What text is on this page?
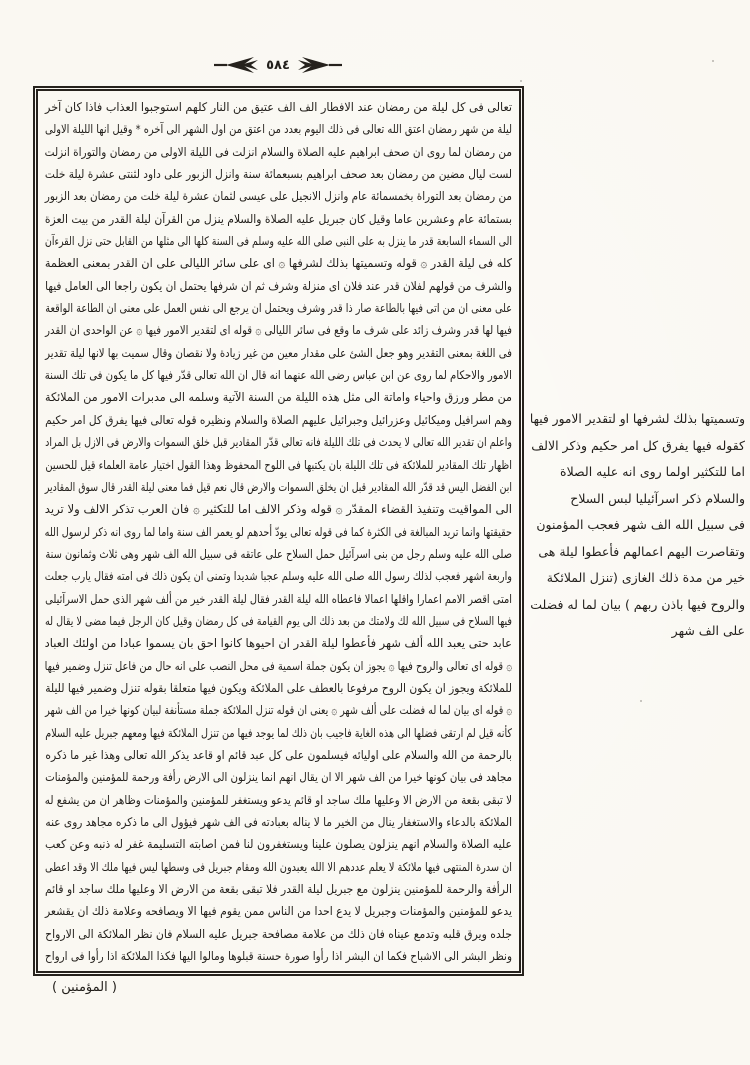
٥٨٤
تعالى فى كل ليلة من رمضان عند الافطار الف الف عتيق من النار كلهم استوجبوا العذاب فاذا كان آخر
ليلة من شهر رمضان اعتق الله تعالى فى ذلك اليوم بعدد من اعتق من اول الشهر الى آخره * وقيل انها الليلة الاولى
من رمضان لما روى ان صحف ابراهيم عليه الصلاة والسلام انزلت فى الليلة الاولى من رمضان والتوراة انزلت
لست ليال مضين من رمضان بعد صحف ابراهيم بسبعمائة سنة وانزل الزبور على داود لثنتى عشرة ليلة خلت
من رمضان بعد التوراة بخمسمائة عام وانزل الانجيل على عيسى لثمان عشرة ليلة خلت من رمضان بعد الزبور
بستمائة عام وعشرين عاما وقيل كان جبريل عليه الصلاة والسلام ينزل من القرآن ليلة القدر من بيت العزة
الى السماء السابعة قدر ما ينزل به على النبى صلى الله عليه وسلم فى السنة كلها الى مثلها من القابل حتى نزل القرءآن
كله فى ليلة القدر ۞ قوله وتسميتها بذلك لشرفها ۞ اى على سائر الليالى على ان القدر بمعنى العظمة
والشرف من قولهم لفلان قدر عند فلان اى منزلة وشرف ثم ان شرفها يحتمل ان يكون راجعا الى العامل فيها
على معنى ان من اتى فيها بالطاعة صار ذا قدر وشرف ويحتمل ان يرجع الى نفس العمل على معنى ان الطاعة الواقعة
فيها لها قدر وشرف زائد على شرف ما وقع فى سائر الليالى ۞ قوله اى لتقدير الامور فيها ۞ عن الواحدى ان القدر
فى اللغة بمعنى التقدير وهو جعل الشئ على مقدار معين من غير زيادة ولا نقصان وقال سميت بها لانها ليلة تقدير
الامور والاحكام لما روى عن ابن عباس رضى الله عنهما انه قال ان الله تعالى قدّر فيها كل ما يكون فى تلك السنة
من مطر ورزق واحياء واماتة الى مثل هذه الليلة من السنة الآتية وسلمه الى مدبرات الامور من الملائكة
وهم اسرافيل وميكائيل وعزرائيل وجبرائيل عليهم الصلاة والسلام ونظيره قوله تعالى فيها يفرق كل امر حكيم
واعلم ان تقدير الله تعالى لا يحدث فى تلك الليلة فانه تعالى قدّر المقادير قبل خلق السموات والارض فى الازل بل المراد
اظهار تلك المقادير للملائكة فى تلك الليلة بان يكتبها فى اللوح المحفوظ وهذا القول اختيار عامة العلماء قيل للحسين
ابن الفضل اليس قد قدّر الله المقادير قبل ان يخلق السموات والارض قال نعم قيل فما معنى ليلة القدر قال سوق المقادير
الى المواقيت وتنفيذ القضاء المقدّر ۞ قوله وذكر الالف اما للتكثير ۞ فان العرب تذكر الالف ولا تريد
حقيقتها وانما تريد المبالغة فى الكثرة كما فى قوله تعالى يودّ أحدهم لو يعمر الف سنة واما لما روى انه ذكر لرسول الله
صلى الله عليه وسلم رجل من بنى اسرآئيل حمل السلاح على عاتقه فى سبيل الله الف شهر وهى ثلاث وثمانون سنة
واربعة اشهر فعجب لذلك رسول الله صلى الله عليه وسلم عجبا شديدا وتمنى ان يكون ذلك فى امته فقال يارب جعلت
امتى اقصر الامم اعمارا واقلها اعمالا فاعطاه الله ليلة القدر فقال ليلة القدر خير من ألف شهر الذى حمل الاسرآئيلى
فيها السلاح فى سبيل الله لك ولامتك من بعد ذلك الى يوم القيامة فى كل رمضان وقيل كان الرجل فيما مضى لا يقال له
عابد حتى يعبد الله ألف شهر فأعطوا ليلة القدر ان احيوها كانوا احق بان يسموا عبادا من اولئك العباد
۞ قوله اى تعالى والروح فيها ۞ يجوز ان يكون جملة اسمية فى محل النصب على انه حال من فاعل تنزل وضمير فيها
للملائكة ويجوز ان يكون الروح مرفوعا بالعطف على الملائكة ويكون فيها متعلقا بقوله تنزل وضمير فيها لليلة
۞ قوله اى بيان لما له فضلت على ألف شهر ۞ يعنى ان قوله تنزل الملائكة جملة مستأنفة لبيان كونها خيرا من الف شهر
كأنه قيل لم ارتقى فضلها الى هذه الغاية فاجيب بان ذلك لما يوجد فيها من تنزل الملائكة فيها ومعهم جبريل عليه السلام
بالرحمة من الله والسلام على اوليائه فيسلمون على كل عبد قائم او قاعد يذكر الله تعالى وهذا غير ما ذكره
مجاهد فى بيان كونها خيرا من الف شهر الا ان يقال انهم انما ينزلون الى الارض رأفة ورحمة للمؤمنين والمؤمنات
لا تبقى بقعة من الارض الا وعليها ملك ساجد او قائم يدعو ويستغفر للمؤمنين والمؤمنات وظاهر ان من يشفع له
الملائكة بالدعاء والاستغفار ينال من الخير ما لا يناله بعبادته فى الف شهر فيؤول الى ما ذكره مجاهد روى عنه
عليه الصلاة والسلام انهم ينزلون يصلون علينا ويستغفرون لنا فمن اصابته التسليمة غفر له ذنبه وعن كعب
ان سدرة المنتهى فيها ملائكة لا يعلم عددهم الا الله يعبدون الله ومقام جبريل فى وسطها ليس فيها ملك الا وقد اعطى
الرأفة والرحمة للمؤمنين ينزلون مع جبريل ليلة القدر فلا تبقى بقعة من الارض الا وعليها ملك ساجد او قائم
يدعو للمؤمنين والمؤمنات وجبريل لا يدع احدا من الناس ممن يقوم فيها الا ويصافحه وعلامة ذلك ان يقشعر
جلده ويرق قلبه وتدمع عيناه فان ذلك من علامة مصافحة جبريل عليه السلام فان نظر الملائكة الى الارواح
ونظر البشر الى الاشباح فكما ان البشر اذا رأوا صورة حسنة قبلوها ومالوا اليها فكذا الملائكة اذا رأوا فى ارواح
وتسميتها بذلك لشرفها او لتقدير الامور فيها
كقوله فيها يفرق كل امر حكيم وذكر الالف
اما للتكثير اولما روى انه عليه الصلاة
والسلام ذكر اسرآئيليا لبس السلاح
فى سبيل الله الف شهر فعجب المؤمنون
وتقاصرت اليهم اعمالهم فأعطوا ليلة هى
خير من مدة ذلك الغازى (تنزل الملائكة
والروح فيها باذن ربهم ) بيان لما له فضلت
على الف شهر
( المؤمنين )
